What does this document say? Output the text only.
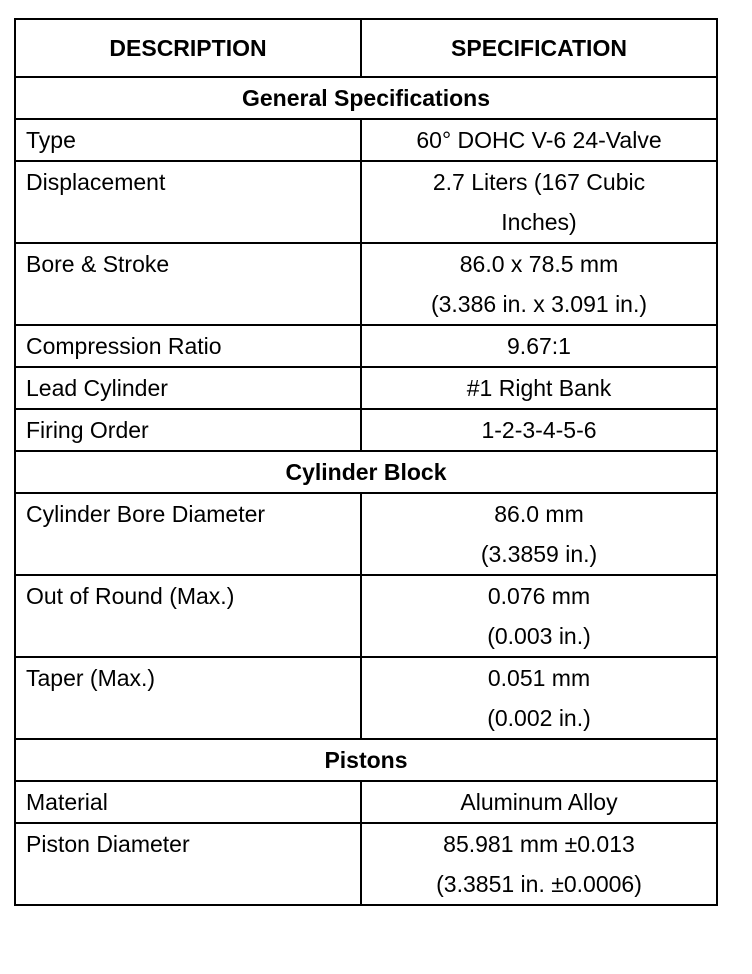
DESCRIPTION	SPECIFICATION
General Specifications	
Type	60° DOHC V-6 24-Valve
Displacement	2.7 Liters (167 Cubic
Inches)

Bore & Stroke	86.0 x 78.5 mm
(3.386 in. x 3.091 in.)

Compression Ratio	9.67:1
Lead Cylinder	#1 Right Bank
Firing Order	1-2-3-4-5-6
Cylinder Block	
Cylinder Bore Diameter	86.0 mm
(3.3859 in.)

Out of Round (Max.)	0.076 mm
(0.003 in.)

Taper (Max.)	0.051 mm
(0.002 in.)

Pistons	
Material	Aluminum Alloy
Piston Diameter	85.981 mm ±0.013
(3.3851 in. ±0.0006)
